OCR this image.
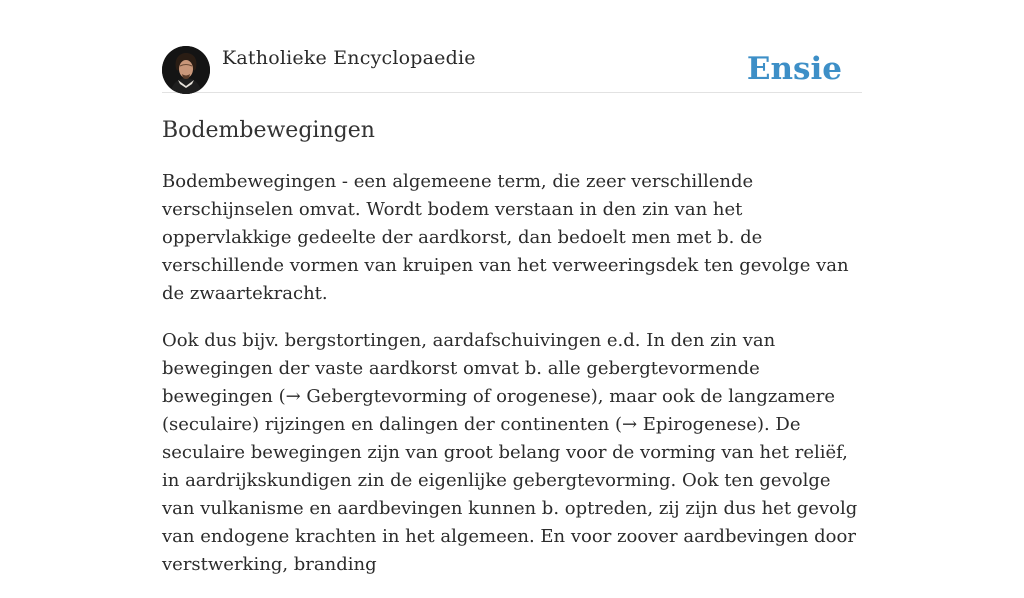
Katholieke Encyclopaedie	Ensie
Bodembewegingen

Bodembewegingen - een algemeene term, die zeer verschillende verschijnselen omvat. Wordt bodem verstaan in den zin van het oppervlakkige gedeelte der aardkorst, dan bedoelt men met b. de verschillende vormen van kruipen van het verweeringsdek ten gevolge van de zwaartekracht.

Ook dus bijv. bergstortingen, aardafschuivingen e.d. In den zin van bewegingen der vaste aardkorst omvat b. alle gebergtevormende bewegingen (→ Gebergtevorming of orogenese), maar ook de langzamere (seculaire) rijzingen en dalingen der continenten (→ Epirogenese). De seculaire bewegingen zijn van groot belang voor de vorming van het reliëf, in aardrijkskundigen zin de eigenlijke gebergtevorming. Ook ten gevolge van vulkanisme en aardbevingen kunnen b. optreden, zij zijn dus het gevolg van endogene krachten in het algemeen. En voor zoover aardbevingen door verstwerking, branding
